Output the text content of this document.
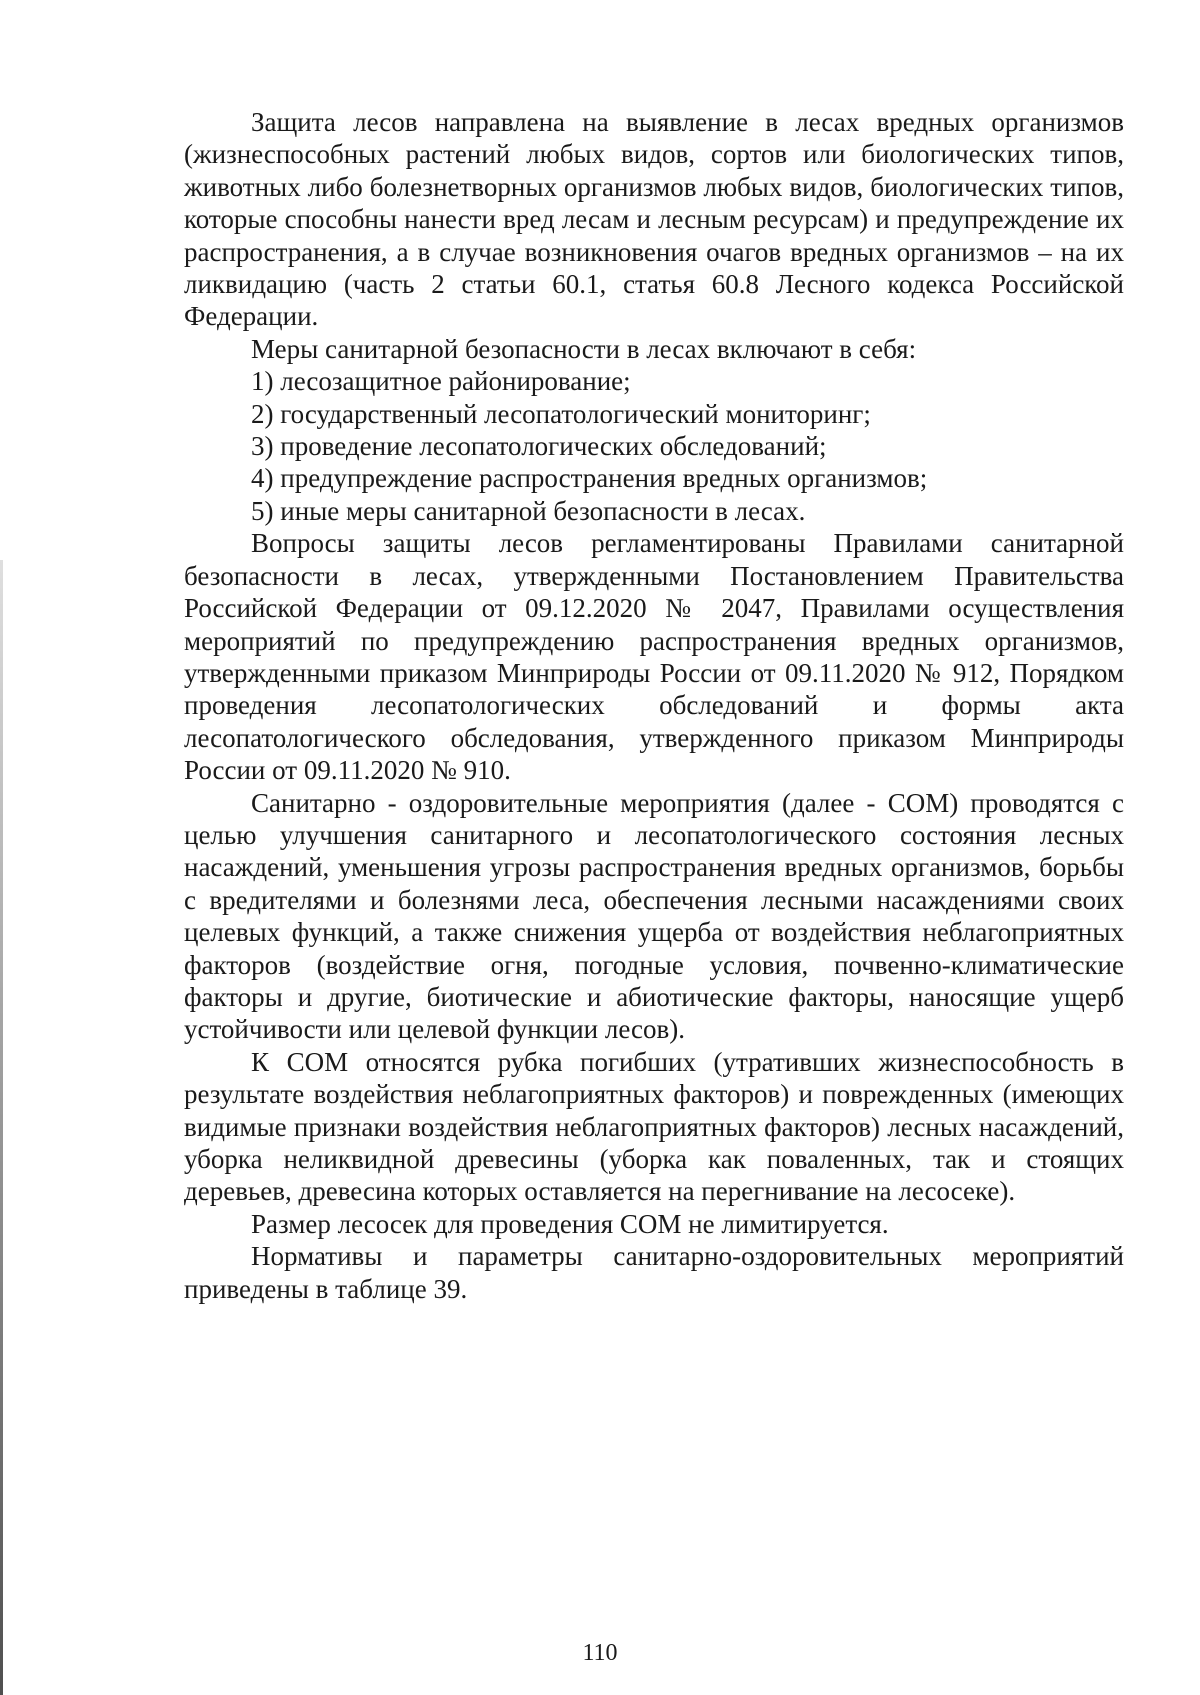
Защита лесов направлена на выявление в лесах вредных организмов (жизнеспособных растений любых видов, сортов или биологических типов, животных либо болезнетворных организмов любых видов, биологических типов, которые способны нанести вред лесам и лесным ресурсам) и предупреждение их распространения, а в случае возникновения очагов вредных организмов – на их ликвидацию (часть 2 статьи 60.1, статья 60.8 Лесного кодекса Российской Федерации.

Меры санитарной безопасности в лесах включают в себя:

1) лесозащитное районирование;

2) государственный лесопатологический мониторинг;

3) проведение лесопатологических обследований;

4) предупреждение распространения вредных организмов;

5) иные меры санитарной безопасности в лесах.

Вопросы защиты лесов регламентированы Правилами санитарной безопасности в лесах, утвержденными Постановлением Правительства Российской Федерации от 09.12.2020 № 2047, Правилами осуществления мероприятий по предупреждению распространения вредных организмов, утвержденными приказом Минприроды России от 09.11.2020 № 912, Порядком проведения лесопатологических обследований и формы акта лесопатологического обследования, утвержденного приказом Минприроды России от 09.11.2020 № 910.

Санитарно - оздоровительные мероприятия (далее - СОМ) проводятся с целью улучшения санитарного и лесопатологического состояния лесных насаждений, уменьшения угрозы распространения вредных организмов, борьбы с вредителями и болезнями леса, обеспечения лесными насаждениями своих целевых функций, а также снижения ущерба от воздействия неблагоприятных факторов (воздействие огня, погодные условия, почвенно-климатические факторы и другие, биотические и абиотические факторы, наносящие ущерб устойчивости или целевой функции лесов).

К СОМ относятся рубка погибших (утративших жизнеспособность в результате воздействия неблагоприятных факторов) и поврежденных (имеющих видимые признаки воздействия неблагоприятных факторов) лесных насаждений, уборка неликвидной древесины (уборка как поваленных, так и стоящих деревьев, древесина которых оставляется на перегнивание на лесосеке).

Размер лесосек для проведения СОМ не лимитируется.

Нормативы и параметры санитарно-оздоровительных мероприятий приведены в таблице 39.

110
